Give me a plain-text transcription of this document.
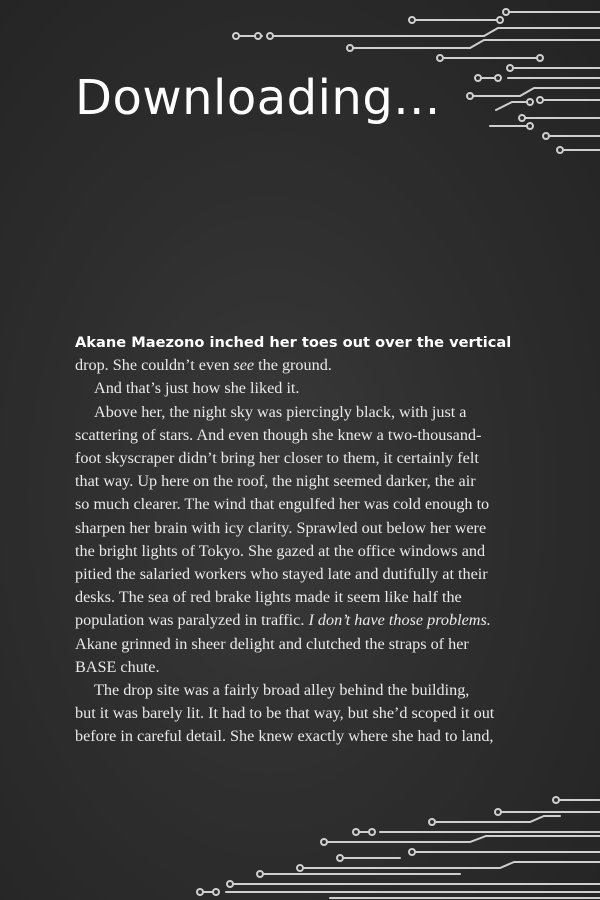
Downloading...
Akane Maezono inched her toes out over the vertical
drop. She couldn’t even see the ground.
And that’s just how she liked it.
Above her, the night sky was piercingly black, with just a
scattering of stars. And even though she knew a two-thousand-
foot skyscraper didn’t bring her closer to them, it certainly felt
that way. Up here on the roof, the night seemed darker, the air
so much clearer. The wind that engulfed her was cold enough to
sharpen her brain with icy clarity. Sprawled out below her were
the bright lights of Tokyo. She gazed at the office windows and
pitied the salaried workers who stayed late and dutifully at their
desks. The sea of red brake lights made it seem like half the
population was paralyzed in traffic. I don’t have those problems.
Akane grinned in sheer delight and clutched the straps of her
BASE chute.
The drop site was a fairly broad alley behind the building,
but it was barely lit. It had to be that way, but she’d scoped it out
before in careful detail. She knew exactly where she had to land,
